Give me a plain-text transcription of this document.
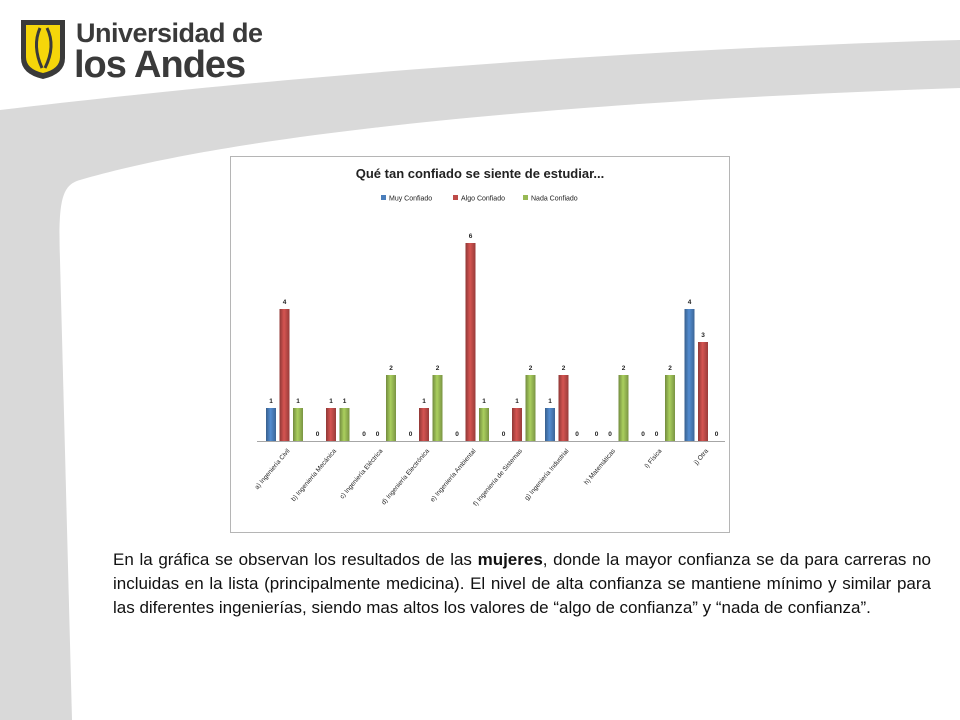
Universidad de
los Andes
Qué tan confiado se siente de estudiar...
Muy Confiado	Algo Confiado	Nada Confiado
1
4
1
a) Ingeniería Civil
0
1 1
b) Ingeniería Mecánica
0 0
2
c) Ingeniería Eléctrica
0
1
2
d) Ingeniería Electrónica
0
6
1
e) Ingeniería Ambiental
0
1
2
f) Ingeniería de Sistemas
1
2
0
g) Ingeniería Industrial
0 0
2
h) Matemáticas
0 0
2
i) Física
4
3
0
j) Otra
En la gráfica se observan los resultados de las mujeres, donde la mayor confianza se da para carreras no incluidas en la lista (principalmente medicina). El nivel de alta confianza se mantiene mínimo y similar para las diferentes ingenierías, siendo mas altos los valores de “algo de confianza” y “nada de confianza”.
